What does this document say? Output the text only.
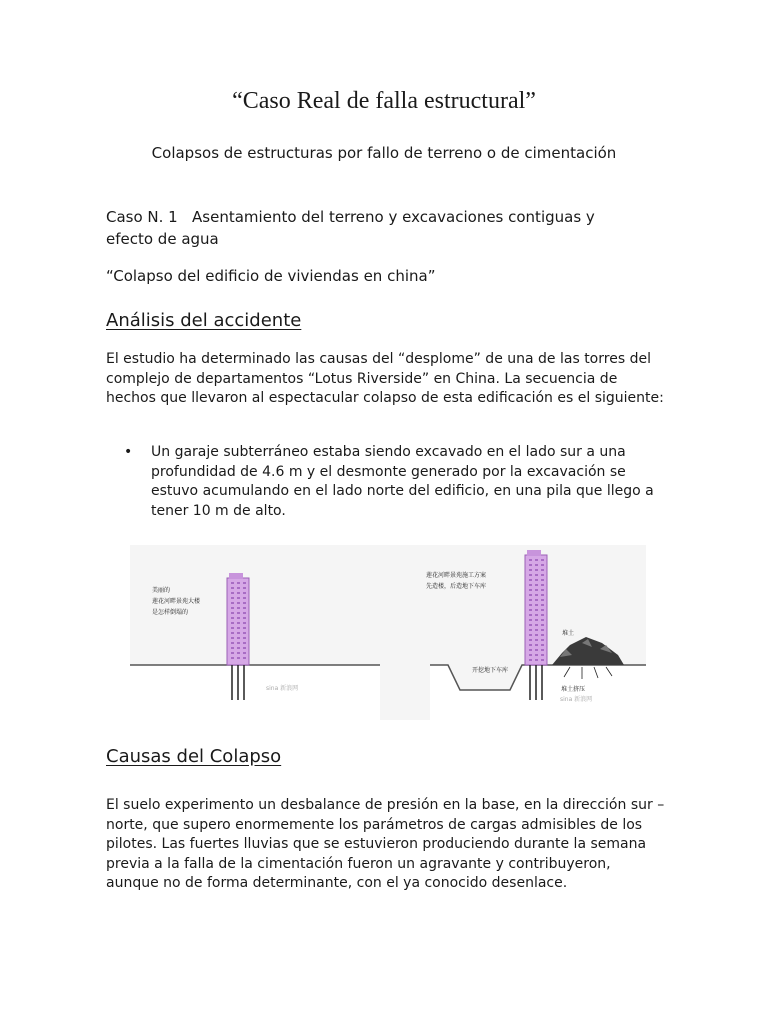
“Caso Real de falla estructural”

Colapsos de estructuras por fallo de terreno o de cimentación

Caso N. 1 Asentamiento del terreno y excavaciones contiguas y efecto de agua

“Colapso del edificio de viviendas en china”

Análisis del accidente

El estudio ha determinado las causas del “desplome” de una de las torres del complejo de departamentos “Lotus Riverside” en China. La secuencia de hechos que llevaron al espectacular colapso de esta edificación es el siguiente:

•	Un garaje subterráneo estaba siendo excavado en el lado sur a una profundidad de 4.6 m y el desmonte generado por la excavación se estuvo acumulando en el lado norte del edificio, en una pila que llego a tener 10 m de alto.
美丽的
莲花河畔景苑大楼
是怎样倒塌的
sina 新浪网
莲花河畔景苑施工方案
先造楼，后造地下车库
开挖地下车库
堆土
堆土挤压
sina 新浪网
Causas del Colapso

El suelo experimento un desbalance de presión en la base, en la dirección sur – norte, que supero enormemente los parámetros de cargas admisibles de los pilotes. Las fuertes lluvias que se estuvieron produciendo durante la semana previa a la falla de la cimentación fueron un agravante y contribuyeron, aunque no de forma determinante, con el ya conocido desenlace.
